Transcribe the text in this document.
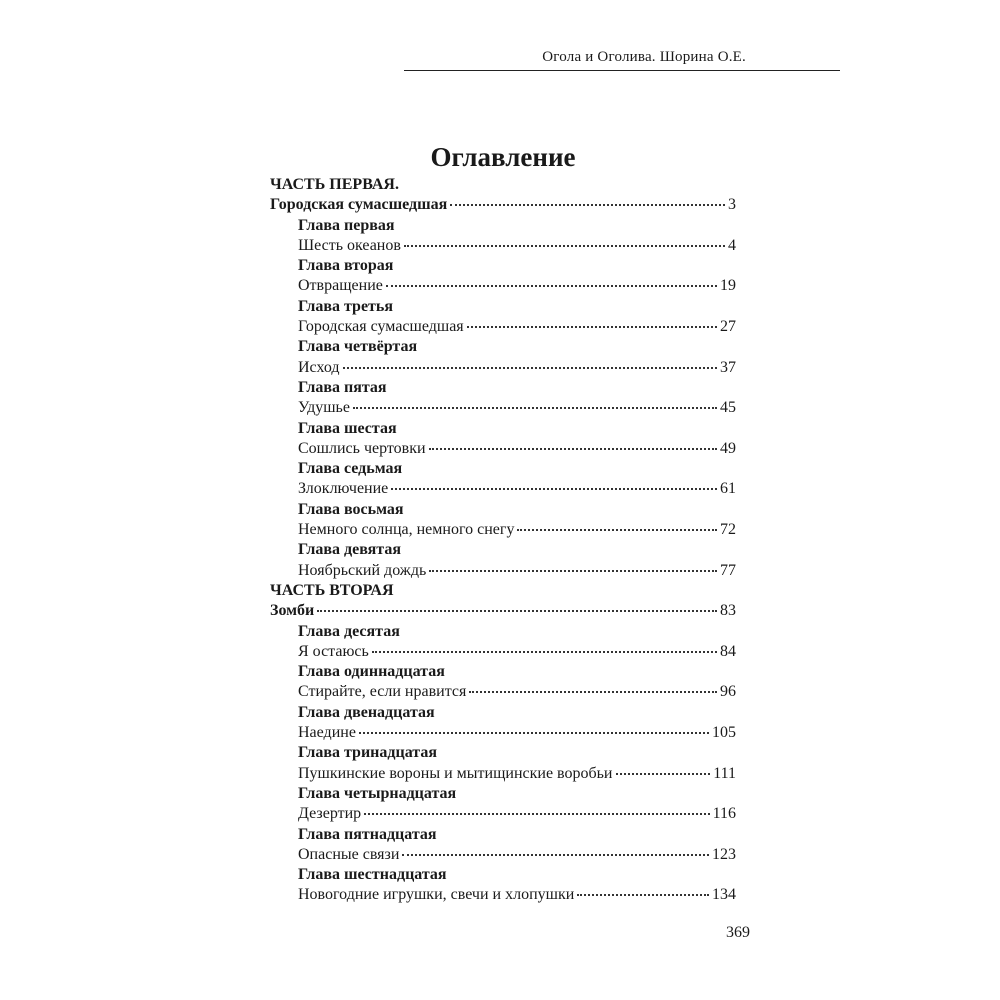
Огола и Оголива. Шорина О.Е.
Оглавление
ЧАСТЬ ПЕРВАЯ.
Городская сумасшедшая	3
Глава первая
Шесть океанов	4
Глава вторая
Отвращение	19
Глава третья
Городская сумасшедшая	27
Глава четвёртая
Исход	37
Глава пятая
Удушье	45
Глава шестая
Сошлись чертовки	49
Глава седьмая
Злоключение	61
Глава восьмая
Немного солнца, немного снегу	72
Глава девятая
Ноябрьский дождь	77
ЧАСТЬ ВТОРАЯ
Зомби	83
Глава десятая
Я остаюсь	84
Глава одиннадцатая
Стирайте, если нравится	96
Глава двенадцатая
Наедине	105
Глава тринадцатая
Пушкинские вороны и мытищинские воробьи	111
Глава четырнадцатая
Дезертир	116
Глава пятнадцатая
Опасные связи	123
Глава шестнадцатая
Новогодние игрушки, свечи и хлопушки	134
369
